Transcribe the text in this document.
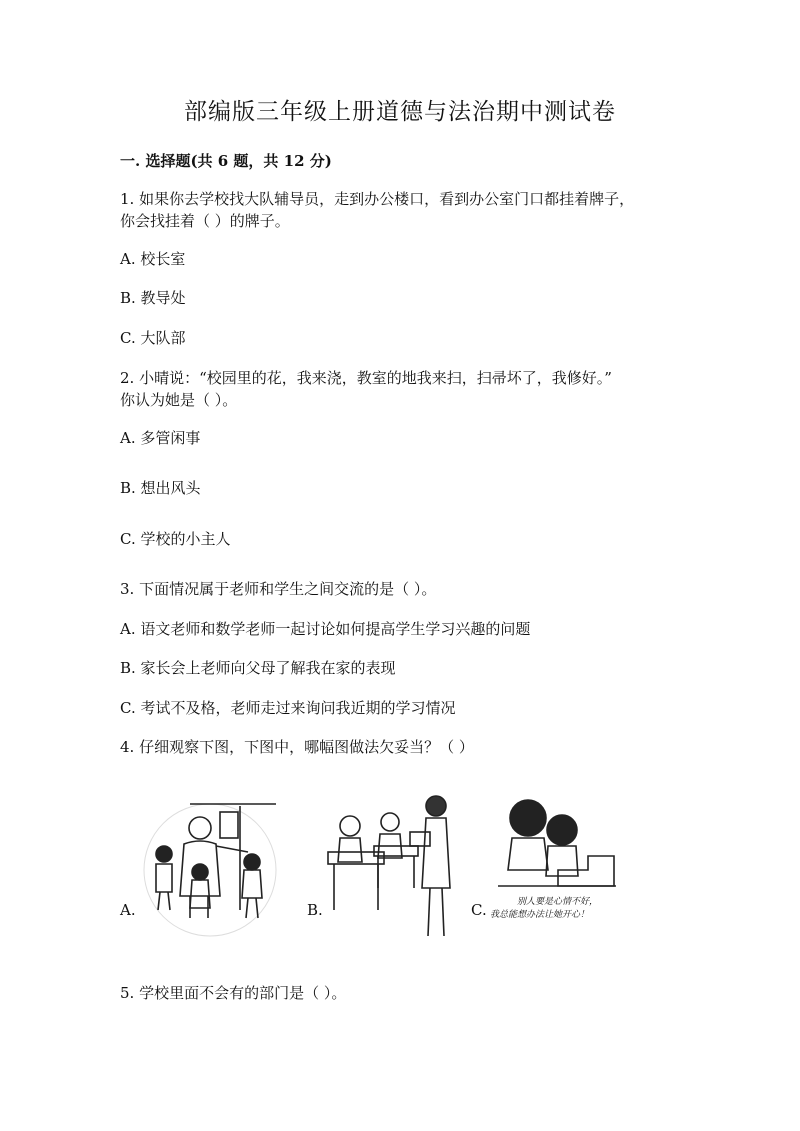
部编版三年级上册道德与法治期中测试卷
一. 选择题(共 6 题，共 12 分)
1. 如果你去学校找大队辅导员，走到办公楼口，看到办公室门口都挂着牌子，
你会找挂着（ ）的牌子。
A. 校长室
B. 教导处
C. 大队部
2. 小晴说：“校园里的花，我来浇，教室的地我来扫，扫帚坏了，我修好。”
你认为她是（ ）。
A. 多管闲事
B. 想出风头
C. 学校的小主人
3. 下面情况属于老师和学生之间交流的是（ ）。
A. 语文老师和数学老师一起讨论如何提高学生学习兴趣的问题
B. 家长会上老师向父母了解我在家的表现
C. 考试不及格，老师走过来询问我近期的学习情况
4. 仔细观察下图，下图中，哪幅图做法欠妥当？（ ）
A.	B.	C.	别人要是心情不好，
我总能想办法让她开心！
5. 学校里面不会有的部门是（ ）。
